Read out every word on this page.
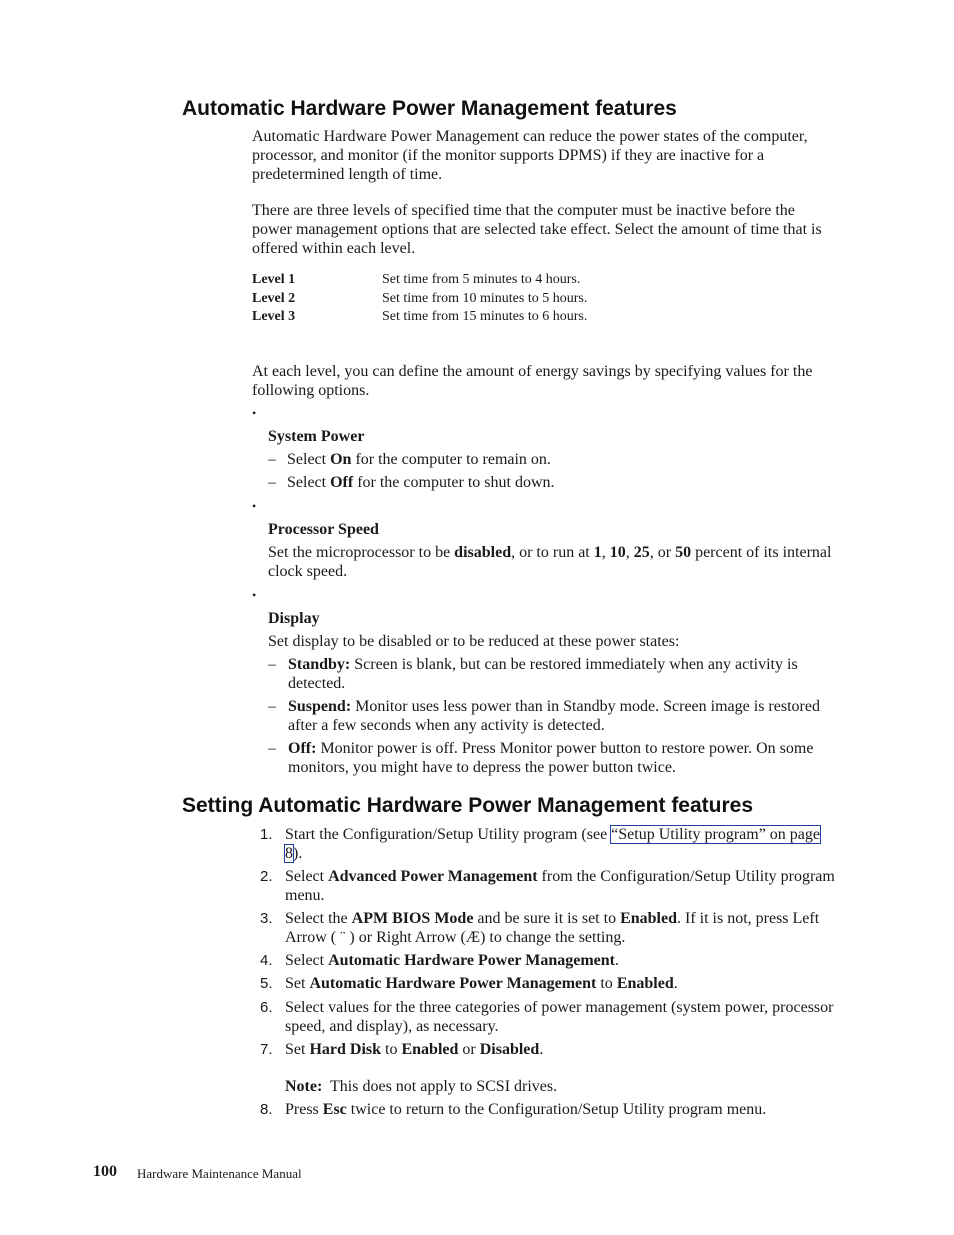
Automatic Hardware Power Management features
Automatic Hardware Power Management can reduce the power states of the computer, processor, and monitor (if the monitor supports DPMS) if they are inactive for a predetermined length of time.
There are three levels of specified time that the computer must be inactive before the power management options that are selected take effect. Select the amount of time that is offered within each level.
Level 1	Set time from 5 minutes to 4 hours.
Level 2	Set time from 10 minutes to 5 hours.
Level 3	Set time from 15 minutes to 6 hours.
At each level, you can define the amount of energy savings by specifying values for the following options.
•
System Power
– Select On for the computer to remain on.
– Select Off for the computer to shut down.
•
Processor Speed
Set the microprocessor to be disabled, or to run at 1, 10, 25, or 50 percent of its internal clock speed.
•
Display
Set display to be disabled or to be reduced at these power states:
– Standby: Screen is blank, but can be restored immediately when any activity is detected.
– Suspend: Monitor uses less power than in Standby mode. Screen image is restored after a few seconds when any activity is detected.
– Off: Monitor power is off. Press Monitor power button to restore power. On some monitors, you might have to depress the power button twice.
Setting Automatic Hardware Power Management features
1. Start the Configuration/Setup Utility program (see “Setup Utility program” on page 8).
2. Select Advanced Power Management from the Configuration/Setup Utility program menu.
3. Select the APM BIOS Mode and be sure it is set to Enabled. If it is not, press Left Arrow ( ¨ ) or Right Arrow (Æ) to change the setting.
4. Select Automatic Hardware Power Management.
5. Set Automatic Hardware Power Management to Enabled.
6. Select values for the three categories of power management (system power, processor speed, and display), as necessary.
7. Set Hard Disk to Enabled or Disabled.
Note:  This does not apply to SCSI drives.
8. Press Esc twice to return to the Configuration/Setup Utility program menu.
100 Hardware Maintenance Manual
